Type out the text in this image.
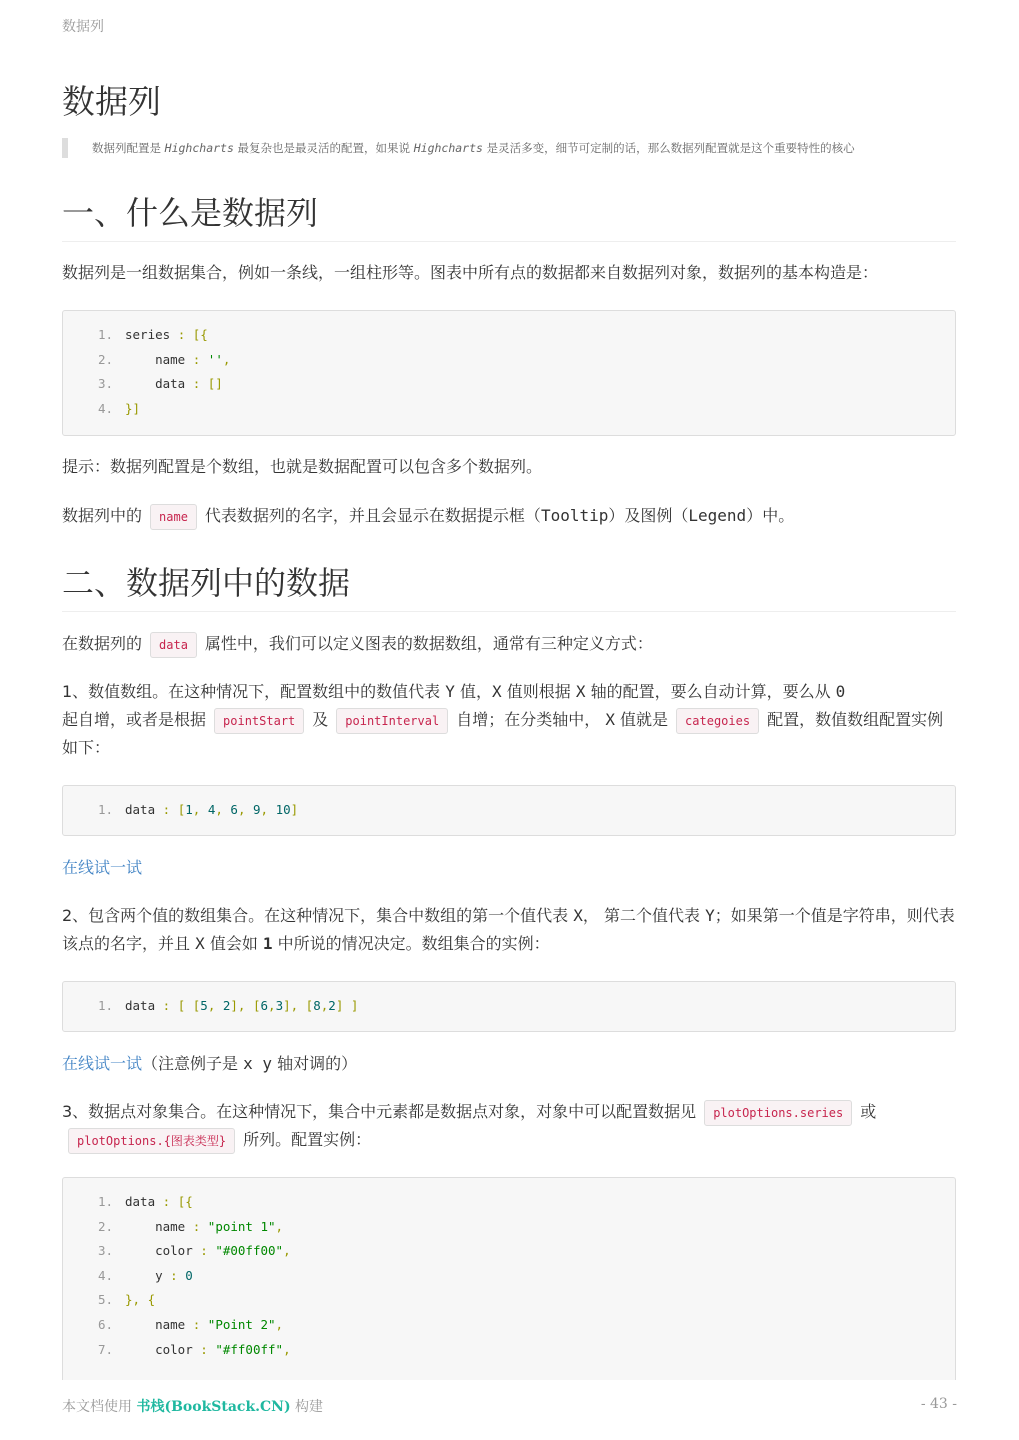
数据列
数据列
数据列配置是 Highcharts 最复杂也是最灵活的配置，如果说 Highcharts 是灵活多变，细节可定制的话，那么数据列配置就是这个重要特性的核心
一、什么是数据列
数据列是一组数据集合，例如一条线，一组柱形等。图表中所有点的数据都来自数据列对象，数据列的基本构造是：
1. series : [{
2.    name : '',
3.    data : []
4. }]
提示：数据列配置是个数组，也就是数据配置可以包含多个数据列。
数据列中的 name 代表数据列的名字，并且会显示在数据提示框（Tooltip）及图例（Legend）中。
二、数据列中的数据
在数据列的 data 属性中，我们可以定义图表的数据数组，通常有三种定义方式：
1、数值数组。在这种情况下，配置数组中的数值代表 Y 值，X 值则根据 X 轴的配置，要么自动计算，要么从 0
起自增，或者是根据 pointStart 及 pointInterval 自增；在分类轴中， X 值就是 categoies 配置，数值数组配置实例如下：
1. data : [1, 4, 6, 9, 10]
在线试一试
2、包含两个值的数组集合。在这种情况下，集合中数组的第一个值代表 X， 第二个值代表 Y；如果第一个值是字符串，则代表该点的名字，并且 X 值会如 1 中所说的情况决定。数组集合的实例：
1. data : [ [5, 2], [6,3], [8,2] ]
在线试一试（注意例子是 x y 轴对调的）
3、数据点对象集合。在这种情况下，集合中元素都是数据点对象，对象中可以配置数据见 plotOptions.series 或
plotOptions.{图表类型} 所列。配置实例：
1. data : [{
2.    name : "point 1",
3.    color : "#00ff00",
4.    y : 0
5. }, {
6.    name : "Point 2",
7.    color : "#ff00ff",
本文档使用 书栈(BookStack.CN) 构建	- 43 -
